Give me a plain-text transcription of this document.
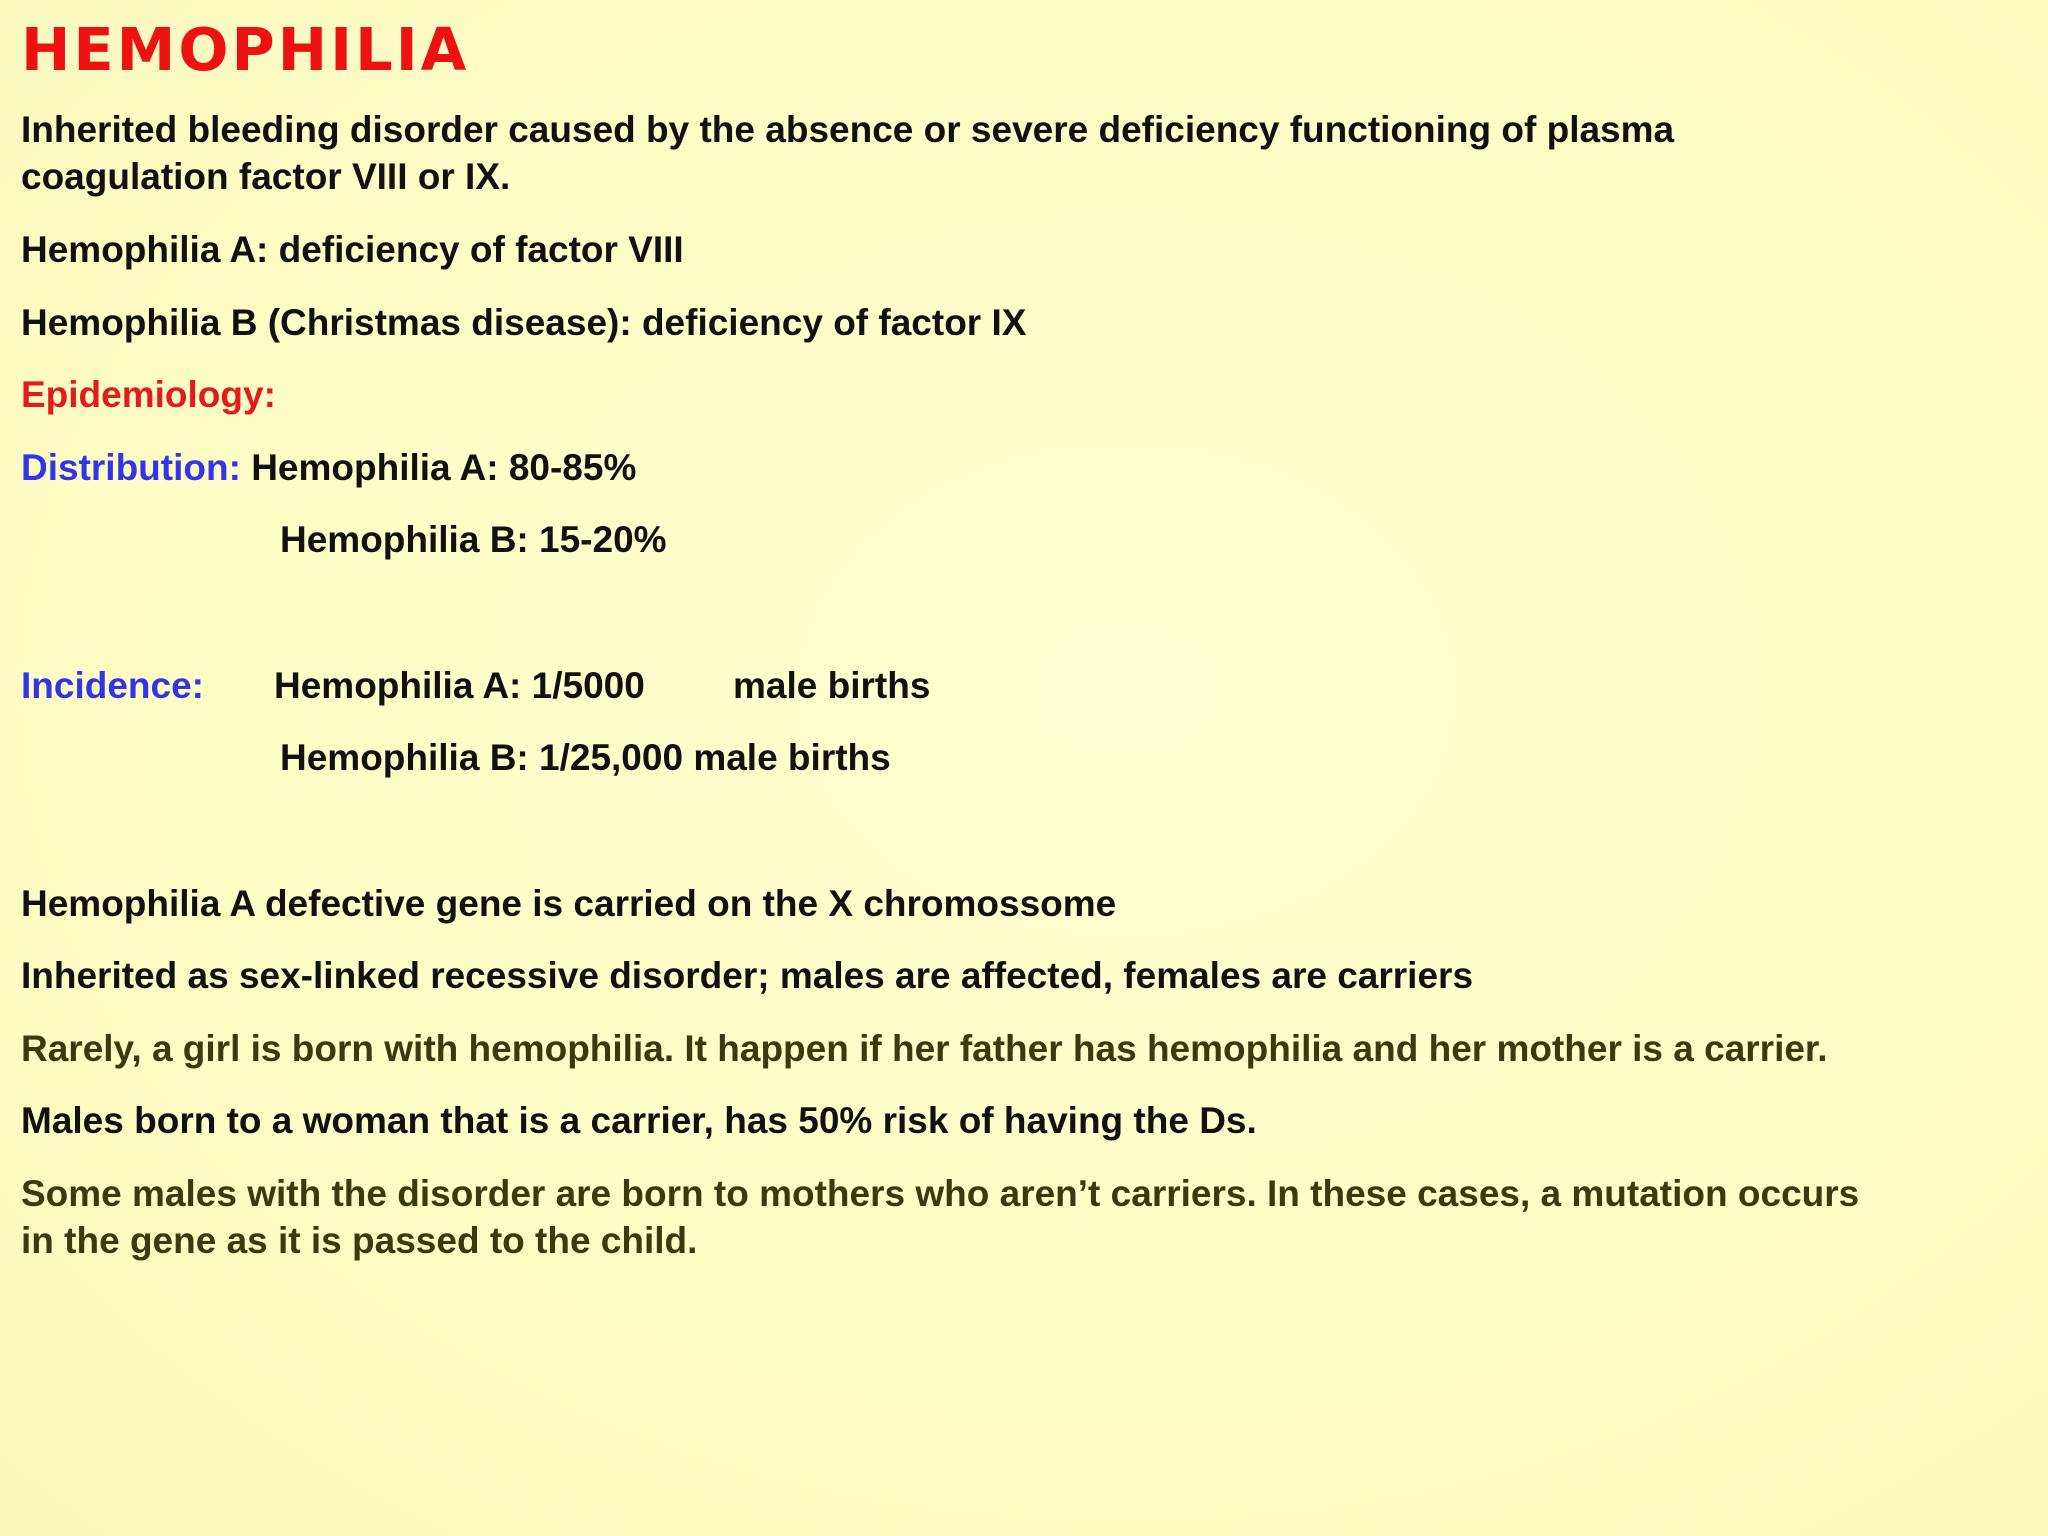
HEMOPHILIA
Inherited bleeding disorder caused by the absence or severe deficiency functioning of plasma
coagulation factor VIII or IX.
Hemophilia A: deficiency of factor VIII
Hemophilia B (Christmas disease): deficiency of factor IX
Epidemiology:
Distribution: Hemophilia A: 80-85%
Hemophilia B: 15-20%
Incidence: Hemophilia A: 1/5000 male births
Hemophilia B: 1/25,000 male births
Hemophilia A defective gene is carried on the X chromossome
Inherited as sex-linked recessive disorder; males are affected, females are carriers
Rarely, a girl is born with hemophilia. It happen if her father has hemophilia and her mother is a carrier.
Males born to a woman that is a carrier, has 50% risk of having the Ds.
Some males with the disorder are born to mothers who aren’t carriers. In these cases, a mutation occurs
in the gene as it is passed to the child.
